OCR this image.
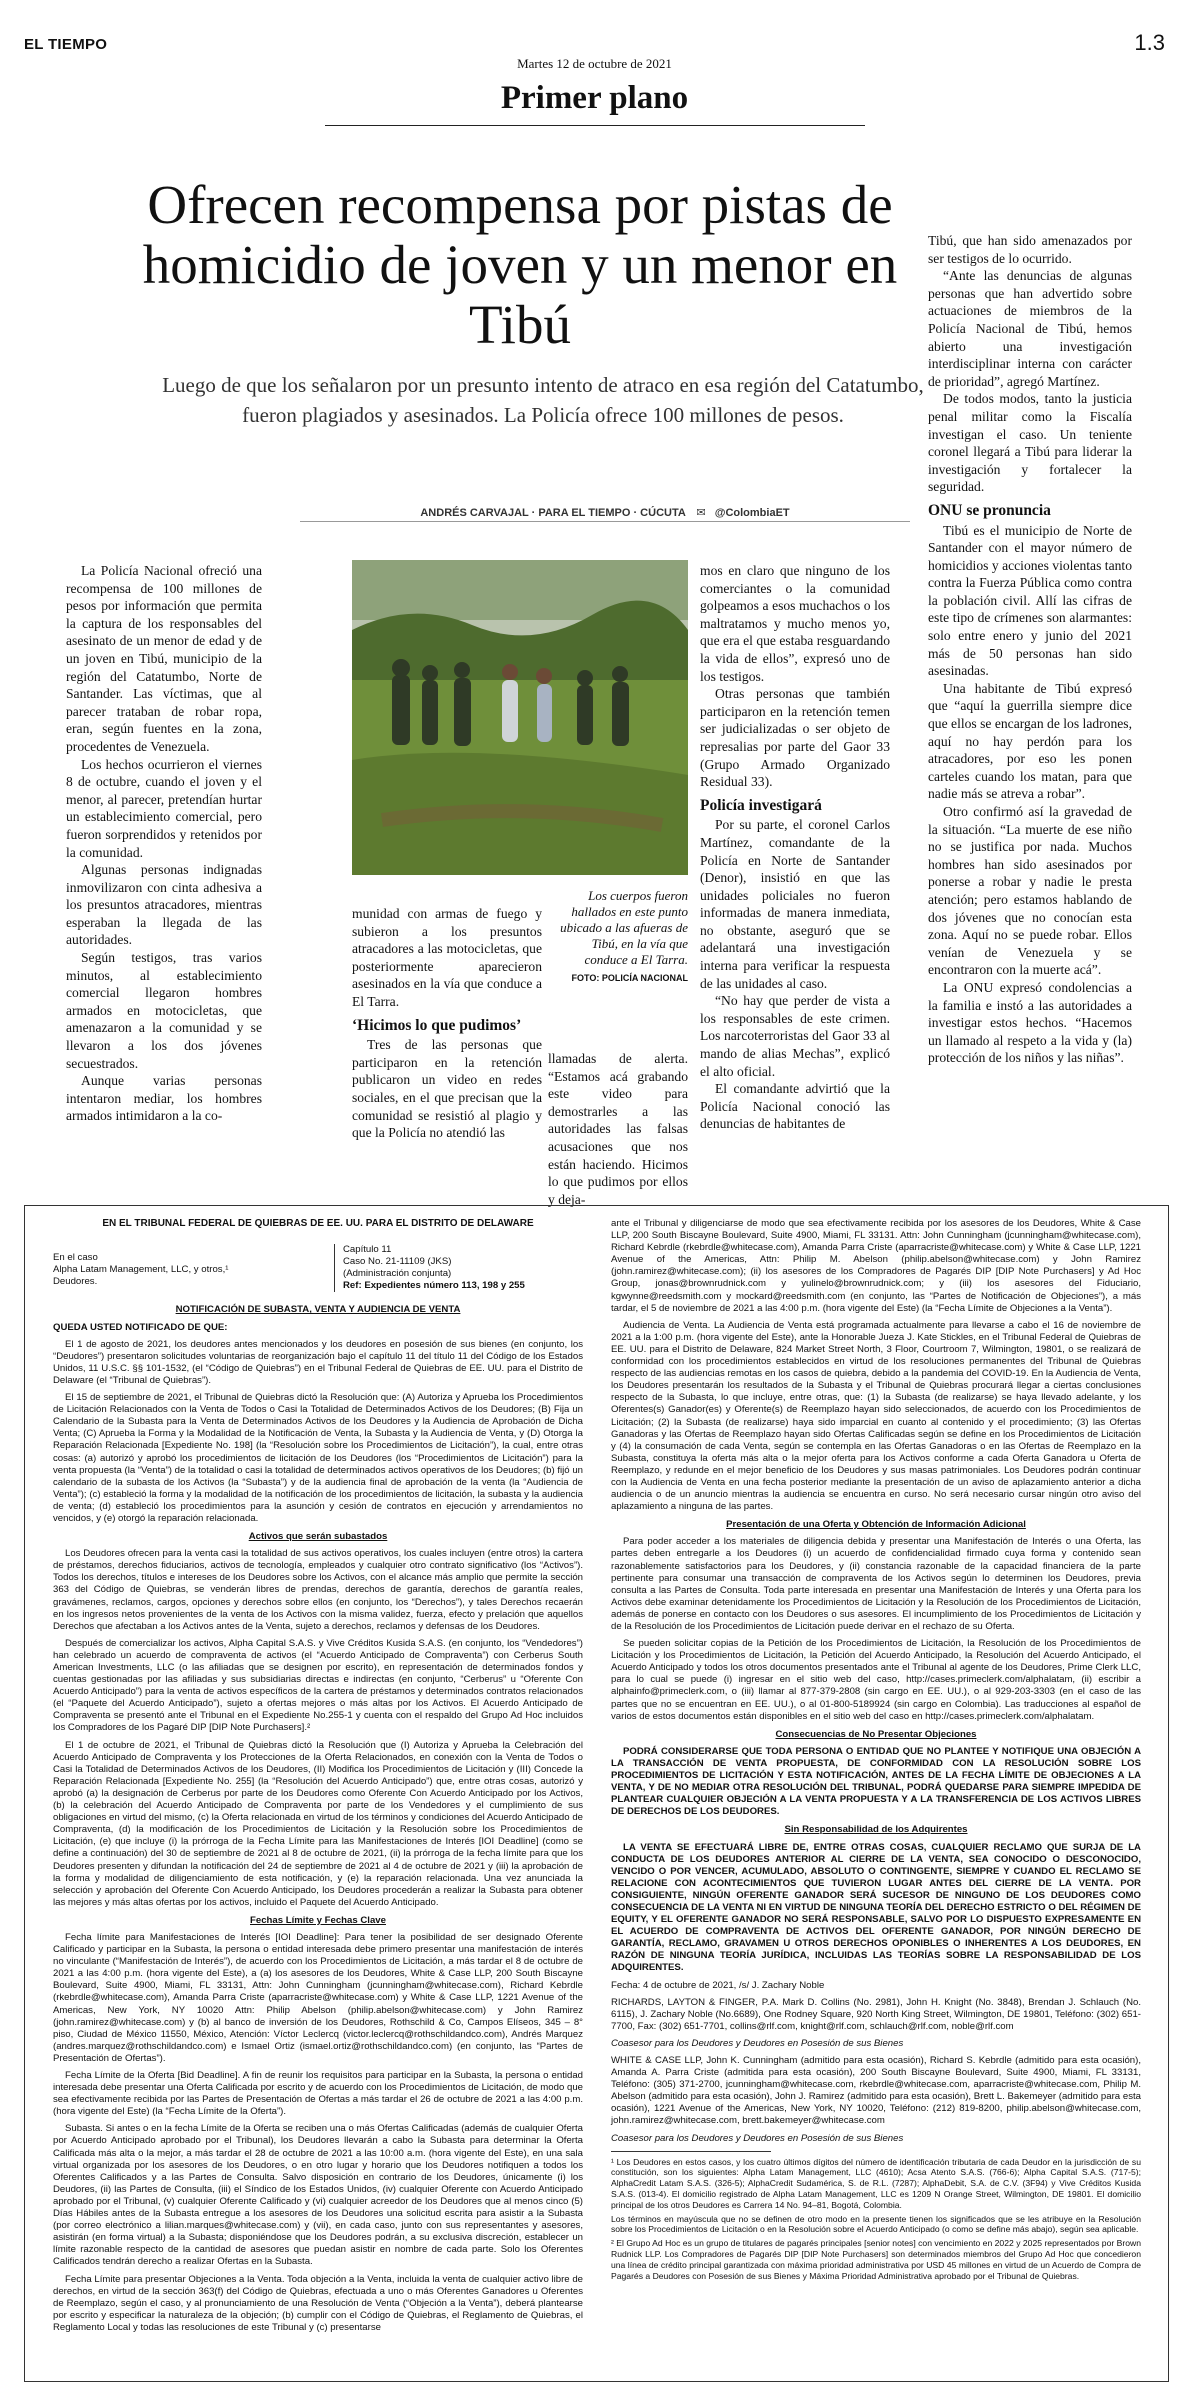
EL TIEMPO
Martes 12 de octubre de 2021
1.3
Primer plano
Ofrecen recompensa por pistas de homicidio de joven y un menor en Tibú
Luego de que los señalaron por un presunto intento de atraco en esa región del Catatumbo, fueron plagiados y asesinados. La Policía ofrece 100 millones de pesos.
ANDRÉS CARVAJAL · PARA EL TIEMPO · CÚCUTA ✉ @ColombiaET

La Policía Nacional ofreció una recompensa de 100 millones de pesos por información que permita la captura de los responsables del asesinato de un menor de edad y de un joven en Tibú, municipio de la región del Catatumbo, Norte de Santander. Las víctimas, que al parecer trataban de robar ropa, eran, según fuentes en la zona, procedentes de Venezuela.

Los hechos ocurrieron el viernes 8 de octubre, cuando el joven y el menor, al parecer, pretendían hurtar un establecimiento comercial, pero fueron sorprendidos y retenidos por la comunidad.

Algunas personas indignadas inmovilizaron con cinta adhesiva a los presuntos atracadores, mientras esperaban la llegada de las autoridades.

Según testigos, tras varios minutos, al establecimiento comercial llegaron hombres armados en motocicletas, que amenazaron a la comunidad y se llevaron a los dos jóvenes secuestrados.

Aunque varias personas intentaron mediar, los hombres armados intimidaron a la co-

Los cuerpos fueron hallados en este punto ubicado a las afueras de Tibú, en la vía que conduce a El Tarra.
FOTO: POLICÍA NACIONAL

munidad con armas de fuego y subieron a los presuntos atracadores a las motocicletas, que posteriormente aparecieron asesinados en la vía que conduce a El Tarra.

‘Hicimos lo que pudimos’

Tres de las personas que participaron en la retención publicaron un video en redes sociales, en el que precisan que la comunidad se resistió al plagio y que la Policía no atendió las

llamadas de alerta. “Estamos acá grabando este video para demostrarles a las autoridades las falsas acusaciones que nos están haciendo. Hicimos lo que pudimos por ellos y deja-

mos en claro que ninguno de los comerciantes o la comunidad golpeamos a esos muchachos o los maltratamos y mucho menos yo, que era el que estaba resguardando la vida de ellos”, expresó uno de los testigos.

Otras personas que también participaron en la retención temen ser judicializadas o ser objeto de represalias por parte del Gaor 33 (Grupo Armado Organizado Residual 33).

Policía investigará

Por su parte, el coronel Carlos Martínez, comandante de la Policía en Norte de Santander (Denor), insistió en que las unidades policiales no fueron informadas de manera inmediata, no obstante, aseguró que se adelantará una investigación interna para verificar la respuesta de las unidades al caso.

“No hay que perder de vista a los responsables de este crimen. Los narcoterroristas del Gaor 33 al mando de alias Mechas”, explicó el alto oficial.

El comandante advirtió que la Policía Nacional conoció las denuncias de habitantes de

Tibú, que han sido amenazados por ser testigos de lo ocurrido.

“Ante las denuncias de algunas personas que han advertido sobre actuaciones de miembros de la Policía Nacional de Tibú, hemos abierto una investigación interdisciplinar interna con carácter de prioridad”, agregó Martínez.

De todos modos, tanto la justicia penal militar como la Fiscalía investigan el caso. Un teniente coronel llegará a Tibú para liderar la investigación y fortalecer la seguridad.

ONU se pronuncia

Tibú es el municipio de Norte de Santander con el mayor número de homicidios y acciones violentas tanto contra la Fuerza Pública como contra la población civil. Allí las cifras de este tipo de crímenes son alarmantes: solo entre enero y junio del 2021 más de 50 personas han sido asesinadas.

Una habitante de Tibú expresó que “aquí la guerrilla siempre dice que ellos se encargan de los ladrones, aquí no hay perdón para los atracadores, por eso les ponen carteles cuando los matan, para que nadie más se atreva a robar”.

Otro confirmó así la gravedad de la situación. “La muerte de ese niño no se justifica por nada. Muchos hombres han sido asesinados por ponerse a robar y nadie le presta atención; pero estamos hablando de dos jóvenes que no conocían esta zona. Aquí no se puede robar. Ellos venían de Venezuela y se encontraron con la muerte acá”.

La ONU expresó condolencias a la familia e instó a las autoridades a investigar estos hechos. “Hacemos un llamado al respeto a la vida y (la) protección de los niños y las niñas”.

EN EL TRIBUNAL FEDERAL DE QUIEBRAS DE EE. UU. PARA EL DISTRITO DE DELAWARE
En el caso
Alpha Latam Management, LLC, y otros,¹
Deudores.
Capítulo 11
Caso No. 21-11109 (JKS)
(Administración conjunta)
Ref: Expedientes número 113, 198 y 255
NOTIFICACIÓN DE SUBASTA, VENTA Y AUDIENCIA DE VENTA
QUEDA USTED NOTIFICADO DE QUE:

El 1 de agosto de 2021, los deudores antes mencionados y los deudores en posesión de sus bienes (en conjunto, los “Deudores”) presentaron solicitudes voluntarias de reorganización bajo el capítulo 11 del título 11 del Código de los Estados Unidos, 11 U.S.C. §§ 101-1532, (el “Código de Quiebras”) en el Tribunal Federal de Quiebras de EE. UU. para el Distrito de Delaware (el “Tribunal de Quiebras”).

El 15 de septiembre de 2021, el Tribunal de Quiebras dictó la Resolución que: (A) Autoriza y Aprueba los Procedimientos de Licitación Relacionados con la Venta de Todos o Casi la Totalidad de Determinados Activos de los Deudores; (B) Fija un Calendario de la Subasta para la Venta de Determinados Activos de los Deudores y la Audiencia de Aprobación de Dicha Venta; (C) Aprueba la Forma y la Modalidad de la Notificación de Venta, la Subasta y la Audiencia de Venta, y (D) Otorga la Reparación Relacionada [Expediente No. 198] (la “Resolución sobre los Procedimientos de Licitación”), la cual, entre otras cosas: (a) autorizó y aprobó los procedimientos de licitación de los Deudores (los “Procedimientos de Licitación”) para la venta propuesta (la “Venta”) de la totalidad o casi la totalidad de determinados activos operativos de los Deudores; (b) fijó un calendario de la subasta de los Activos (la “Subasta”) y de la audiencia final de aprobación de la venta (la “Audiencia de Venta”); (c) estableció la forma y la modalidad de la notificación de los procedimientos de licitación, la subasta y la audiencia de venta; (d) estableció los procedimientos para la asunción y cesión de contratos en ejecución y arrendamientos no vencidos, y (e) otorgó la reparación relacionada.

Activos que serán subastados

Los Deudores ofrecen para la venta casi la totalidad de sus activos operativos, los cuales incluyen (entre otros) la cartera de préstamos, derechos fiduciarios, activos de tecnología, empleados y cualquier otro contrato significativo (los “Activos”). Todos los derechos, títulos e intereses de los Deudores sobre los Activos, con el alcance más amplio que permite la sección 363 del Código de Quiebras, se venderán libres de prendas, derechos de garantía, derechos de garantía reales, gravámenes, reclamos, cargos, opciones y derechos sobre ellos (en conjunto, los “Derechos”), y tales Derechos recaerán en los ingresos netos provenientes de la venta de los Activos con la misma validez, fuerza, efecto y prelación que aquellos Derechos que afectaban a los Activos antes de la Venta, sujeto a derechos, reclamos y defensas de los Deudores.

Después de comercializar los activos, Alpha Capital S.A.S. y Vive Créditos Kusida S.A.S. (en conjunto, los “Vendedores”) han celebrado un acuerdo de compraventa de activos (el “Acuerdo Anticipado de Compraventa”) con Cerberus South American Investments, LLC (o las afiliadas que se designen por escrito), en representación de determinados fondos y cuentas gestionadas por las afiliadas y sus subsidiarias directas e indirectas (en conjunto, “Cerberus” u “Oferente Con Acuerdo Anticipado”) para la venta de activos específicos de la cartera de préstamos y determinados contratos relacionados (el “Paquete del Acuerdo Anticipado”), sujeto a ofertas mejores o más altas por los Activos. El Acuerdo Anticipado de Compraventa se presentó ante el Tribunal en el Expediente No.255-1 y cuenta con el respaldo del Grupo Ad Hoc incluidos los Compradores de los Pagaré DIP [DIP Note Purchasers].²

El 1 de octubre de 2021, el Tribunal de Quiebras dictó la Resolución que (I) Autoriza y Aprueba la Celebración del Acuerdo Anticipado de Compraventa y los Protecciones de la Oferta Relacionados, en conexión con la Venta de Todos o Casi la Totalidad de Determinados Activos de los Deudores, (II) Modifica los Procedimientos de Licitación y (III) Concede la Reparación Relacionada [Expediente No. 255] (la “Resolución del Acuerdo Anticipado”) que, entre otras cosas, autorizó y aprobó (a) la designación de Cerberus por parte de los Deudores como Oferente Con Acuerdo Anticipado por los Activos, (b) la celebración del Acuerdo Anticipado de Compraventa por parte de los Vendedores y el cumplimiento de sus obligaciones en virtud del mismo, (c) la Oferta relacionada en virtud de los términos y condiciones del Acuerdo Anticipado de Compraventa, (d) la modificación de los Procedimientos de Licitación y la Resolución sobre los Procedimientos de Licitación, (e) que incluye (i) la prórroga de la Fecha Límite para las Manifestaciones de Interés [IOI Deadline] (como se define a continuación) del 30 de septiembre de 2021 al 8 de octubre de 2021, (ii) la prórroga de la fecha límite para que los Deudores presenten y difundan la notificación del 24 de septiembre de 2021 al 4 de octubre de 2021 y (iii) la aprobación de la forma y modalidad de diligenciamiento de esta notificación, y (e) la reparación relacionada. Una vez anunciada la selección y aprobación del Oferente Con Acuerdo Anticipado, los Deudores procederán a realizar la Subasta para obtener las mejores y más altas ofertas por los activos, incluido el Paquete del Acuerdo Anticipado.

Fechas Límite y Fechas Clave

Fecha límite para Manifestaciones de Interés [IOI Deadline]: Para tener la posibilidad de ser designado Oferente Calificado y participar en la Subasta, la persona o entidad interesada debe primero presentar una manifestación de interés no vinculante (“Manifestación de Interés”), de acuerdo con los Procedimientos de Licitación, a más tardar el 8 de octubre de 2021 a las 4:00 p.m. (hora vigente del Este), a (a) los asesores de los Deudores, White & Case LLP, 200 South Biscayne Boulevard, Suite 4900, Miami, FL 33131, Attn: John Cunningham (jcunningham@whitecase.com), Richard Kebrdle (rkebrdle@whitecase.com), Amanda Parra Criste (aparracriste@whitecase.com) y White & Case LLP, 1221 Avenue of the Americas, New York, NY 10020 Attn: Philip Abelson (philip.abelson@whitecase.com) y John Ramirez (john.ramirez@whitecase.com) y (b) al banco de inversión de los Deudores, Rothschild & Co, Campos Elíseos, 345 – 8° piso, Ciudad de México 11550, México, Atención: Víctor Leclercq (victor.leclercq@rothschildandco.com), Andrés Marquez (andres.marquez@rothschildandco.com) e Ismael Ortiz (ismael.ortiz@rothschildandco.com) (en conjunto, las “Partes de Presentación de Ofertas”).

Fecha Límite de la Oferta [Bid Deadline]. A fin de reunir los requisitos para participar en la Subasta, la persona o entidad interesada debe presentar una Oferta Calificada por escrito y de acuerdo con los Procedimientos de Licitación, de modo que sea efectivamente recibida por las Partes de Presentación de Ofertas a más tardar el 26 de octubre de 2021 a las 4:00 p.m. (hora vigente del Este) (la “Fecha Límite de la Oferta”).

Subasta. Si antes o en la fecha Límite de la Oferta se reciben una o más Ofertas Calificadas (además de cualquier Oferta por Acuerdo Anticipado aprobado por el Tribunal), los Deudores llevarán a cabo la Subasta para determinar la Oferta Calificada más alta o la mejor, a más tardar el 28 de octubre de 2021 a las 10:00 a.m. (hora vigente del Este), en una sala virtual organizada por los asesores de los Deudores, o en otro lugar y horario que los Deudores notifiquen a todos los Oferentes Calificados y a las Partes de Consulta. Salvo disposición en contrario de los Deudores, únicamente (i) los Deudores, (ii) las Partes de Consulta, (iii) el Síndico de los Estados Unidos, (iv) cualquier Oferente con Acuerdo Anticipado aprobado por el Tribunal, (v) cualquier Oferente Calificado y (vi) cualquier acreedor de los Deudores que al menos cinco (5) Días Hábiles antes de la Subasta entregue a los asesores de los Deudores una solicitud escrita para asistir a la Subasta (por correo electrónico a lilian.marques@whitecase.com) y (vii), en cada caso, junto con sus representantes y asesores, asistirán (en forma virtual) a la Subasta; disponiéndose que los Deudores podrán, a su exclusiva discreción, establecer un límite razonable respecto de la cantidad de asesores que puedan asistir en nombre de cada parte. Solo los Oferentes Calificados tendrán derecho a realizar Ofertas en la Subasta.

Fecha Límite para presentar Objeciones a la Venta. Toda objeción a la Venta, incluida la venta de cualquier activo libre de derechos, en virtud de la sección 363(f) del Código de Quiebras, efectuada a uno o más Oferentes Ganadores u Oferentes de Reemplazo, según el caso, y al pronunciamiento de una Resolución de Venta (“Objeción a la Venta”), deberá plantearse por escrito y especificar la naturaleza de la objeción; (b) cumplir con el Código de Quiebras, el Reglamento de Quiebras, el Reglamento Local y todas las resoluciones de este Tribunal y (c) presentarse

ante el Tribunal y diligenciarse de modo que sea efectivamente recibida por los asesores de los Deudores, White & Case LLP, 200 South Biscayne Boulevard, Suite 4900, Miami, FL 33131. Attn: John Cunningham (jcunningham@whitecase.com), Richard Kebrdle (rkebrdle@whitecase.com), Amanda Parra Criste (aparracriste@whitecase.com) y White & Case LLP, 1221 Avenue of the Americas, Attn: Philip M. Abelson (philip.abelson@whitecase.com) y John Ramirez (john.ramirez@whitecase.com); (ii) los asesores de los Compradores de Pagarés DIP [DIP Note Purchasers] y Ad Hoc Group, jonas@brownrudnick.com y yulinelo@brownrudnick.com; y (iii) los asesores del Fiduciario, kgwynne@reedsmith.com y mockard@reedsmith.com (en conjunto, las “Partes de Notificación de Objeciones”), a más tardar, el 5 de noviembre de 2021 a las 4:00 p.m. (hora vigente del Este) (la “Fecha Límite de Objeciones a la Venta”).

Audiencia de Venta. La Audiencia de Venta está programada actualmente para llevarse a cabo el 16 de noviembre de 2021 a la 1:00 p.m. (hora vigente del Este), ante la Honorable Jueza J. Kate Stickles, en el Tribunal Federal de Quiebras de EE. UU. para el Distrito de Delaware, 824 Market Street North, 3 Floor, Courtroom 7, Wilmington, 19801, o se realizará de conformidad con los procedimientos establecidos en virtud de los resoluciones permanentes del Tribunal de Quiebras respecto de las audiencias remotas en los casos de quiebra, debido a la pandemia del COVID-19. En la Audiencia de Venta, los Deudores presentarán los resultados de la Subasta y el Tribunal de Quiebras procurará llegar a ciertas conclusiones respecto de la Subasta, lo que incluye, entre otras, que: (1) la Subasta (de realizarse) se haya llevado adelante, y los Oferentes(s) Ganador(es) y Oferente(s) de Reemplazo hayan sido seleccionados, de acuerdo con los Procedimientos de Licitación; (2) la Subasta (de realizarse) haya sido imparcial en cuanto al contenido y el procedimiento; (3) las Ofertas Ganadoras y las Ofertas de Reemplazo hayan sido Ofertas Calificadas según se define en los Procedimientos de Licitación y (4) la consumación de cada Venta, según se contempla en las Ofertas Ganadoras o en las Ofertas de Reemplazo en la Subasta, constituya la oferta más alta o la mejor oferta para los Activos conforme a cada Oferta Ganadora u Oferta de Reemplazo, y redunde en el mejor beneficio de los Deudores y sus masas patrimoniales. Los Deudores podrán continuar con la Audiencia de Venta en una fecha posterior mediante la presentación de un aviso de aplazamiento anterior a dicha audiencia o de un anuncio mientras la audiencia se encuentra en curso. No será necesario cursar ningún otro aviso del aplazamiento a ninguna de las partes.

Presentación de una Oferta y Obtención de Información Adicional

Para poder acceder a los materiales de diligencia debida y presentar una Manifestación de Interés o una Oferta, las partes deben entregarle a los Deudores (i) un acuerdo de confidencialidad firmado cuya forma y contenido sean razonablemente satisfactorios para los Deudores, y (ii) constancia razonable de la capacidad financiera de la parte pertinente para consumar una transacción de compraventa de los Activos según lo determinen los Deudores, previa consulta a las Partes de Consulta. Toda parte interesada en presentar una Manifestación de Interés y una Oferta para los Activos debe examinar detenidamente los Procedimientos de Licitación y la Resolución de los Procedimientos de Licitación, además de ponerse en contacto con los Deudores o sus asesores. El incumplimiento de los Procedimientos de Licitación y de la Resolución de los Procedimientos de Licitación puede derivar en el rechazo de su Oferta.

Se pueden solicitar copias de la Petición de los Procedimientos de Licitación, la Resolución de los Procedimientos de Licitación y los Procedimientos de Licitación, la Petición del Acuerdo Anticipado, la Resolución del Acuerdo Anticipado, el Acuerdo Anticipado y todos los otros documentos presentados ante el Tribunal al agente de los Deudores, Prime Clerk LLC, para lo cual se puede (i) ingresar en el sitio web del caso, http://cases.primeclerk.com/alphalatam, (ii) escribir a alphainfo@primeclerk.com, o (iii) llamar al 877-379-2808 (sin cargo en EE. UU.), o al 929-203-3303 (en el caso de las partes que no se encuentran en EE. UU.), o al 01-800-5189924 (sin cargo en Colombia). Las traducciones al español de varios de estos documentos están disponibles en el sitio web del caso en http://cases.primeclerk.com/alphalatam.

Consecuencias de No Presentar Objeciones

PODRÁ CONSIDERARSE QUE TODA PERSONA O ENTIDAD QUE NO PLANTEE Y NOTIFIQUE UNA OBJECIÓN A LA TRANSACCIÓN DE VENTA PROPUESTA, DE CONFORMIDAD CON LA RESOLUCIÓN SOBRE LOS PROCEDIMIENTOS DE LICITACIÓN Y ESTA NOTIFICACIÓN, ANTES DE LA FECHA LÍMITE DE OBJECIONES A LA VENTA, Y DE NO MEDIAR OTRA RESOLUCIÓN DEL TRIBUNAL, PODRÁ QUEDARSE PARA SIEMPRE IMPEDIDA DE PLANTEAR CUALQUIER OBJECIÓN A LA VENTA PROPUESTA Y A LA TRANSFERENCIA DE LOS ACTIVOS LIBRES DE DERECHOS DE LOS DEUDORES.

Sin Responsabilidad de los Adquirentes

LA VENTA SE EFECTUARÁ LIBRE DE, ENTRE OTRAS COSAS, CUALQUIER RECLAMO QUE SURJA DE LA CONDUCTA DE LOS DEUDORES ANTERIOR AL CIERRE DE LA VENTA, SEA CONOCIDO O DESCONOCIDO, VENCIDO O POR VENCER, ACUMULADO, ABSOLUTO O CONTINGENTE, SIEMPRE Y CUANDO EL RECLAMO SE RELACIONE CON ACONTECIMIENTOS QUE TUVIERON LUGAR ANTES DEL CIERRE DE LA VENTA. POR CONSIGUIENTE, NINGÚN OFERENTE GANADOR SERÁ SUCESOR DE NINGUNO DE LOS DEUDORES COMO CONSECUENCIA DE LA VENTA NI EN VIRTUD DE NINGUNA TEORÍA DEL DERECHO ESTRICTO O DEL RÉGIMEN DE EQUITY, Y EL OFERENTE GANADOR NO SERÁ RESPONSABLE, SALVO POR LO DISPUESTO EXPRESAMENTE EN EL ACUERDO DE COMPRAVENTA DE ACTIVOS DEL OFERENTE GANADOR, POR NINGÚN DERECHO DE GARANTÍA, RECLAMO, GRAVAMEN U OTROS DERECHOS OPONIBLES O INHERENTES A LOS DEUDORES, EN RAZÓN DE NINGUNA TEORÍA JURÍDICA, INCLUIDAS LAS TEORÍAS SOBRE LA RESPONSABILIDAD DE LOS ADQUIRENTES.

Fecha: 4 de octubre de 2021, /s/ J. Zachary Noble

RICHARDS, LAYTON & FINGER, P.A. Mark D. Collins (No. 2981), John H. Knight (No. 3848), Brendan J. Schlauch (No. 6115), J. Zachary Noble (No.6689), One Rodney Square, 920 North King Street, Wilmington, DE 19801, Teléfono: (302) 651-7700, Fax: (302) 651-7701, collins@rlf.com, knight@rlf.com, schlauch@rlf.com, noble@rlf.com

Coasesor para los Deudores y Deudores en Posesión de sus Bienes

WHITE & CASE LLP, John K. Cunningham (admitido para esta ocasión), Richard S. Kebrdle (admitido para esta ocasión), Amanda A. Parra Criste (admitida para esta ocasión), 200 South Biscayne Boulevard, Suite 4900, Miami, FL 33131, Teléfono: (305) 371-2700, jcunningham@whitecase.com, rkebrdle@whitecase.com, aparracriste@whitecase.com, Philip M. Abelson (admitido para esta ocasión), John J. Ramirez (admitido para esta ocasión), Brett L. Bakemeyer (admitido para esta ocasión), 1221 Avenue of the Americas, New York, NY 10020, Teléfono: (212) 819-8200, philip.abelson@whitecase.com, john.ramirez@whitecase.com, brett.bakemeyer@whitecase.com

Coasesor para los Deudores y Deudores en Posesión de sus Bienes

¹ Los Deudores en estos casos, y los cuatro últimos dígitos del número de identificación tributaria de cada Deudor en la jurisdicción de su constitución, son los siguientes: Alpha Latam Management, LLC (4610); Acsa Atento S.A.S. (766-6); Alpha Capital S.A.S. (717-5); AlphaCredit Latam S.A.S. (326-5); AlphaCredit Sudamérica, S. de R.L. (7287); AlphaDebit, S.A. de C.V. (3F94) y Vive Créditos Kusida S.A.S. (013-4). El domicilio registrado de Alpha Latam Management, LLC es 1209 N Orange Street, Wilmington, DE 19801. El domicilio principal de los otros Deudores es Carrera 14 No. 94–81, Bogotá, Colombia.

Los términos en mayúscula que no se definen de otro modo en la presente tienen los significados que se les atribuye en la Resolución sobre los Procedimientos de Licitación o en la Resolución sobre el Acuerdo Anticipado (o como se define más abajo), según sea aplicable.

² El Grupo Ad Hoc es un grupo de titulares de pagarés principales [senior notes] con vencimiento en 2022 y 2025 representados por Brown Rudnick LLP. Los Compradores de Pagarés DIP [DIP Note Purchasers] son determinados miembros del Grupo Ad Hoc que concedieron una línea de crédito principal garantizada con máxima prioridad administrativa por USD 45 millones en virtud de un Acuerdo de Compra de Pagarés a Deudores con Posesión de sus Bienes y Máxima Prioridad Administrativa aprobado por el Tribunal de Quiebras.
